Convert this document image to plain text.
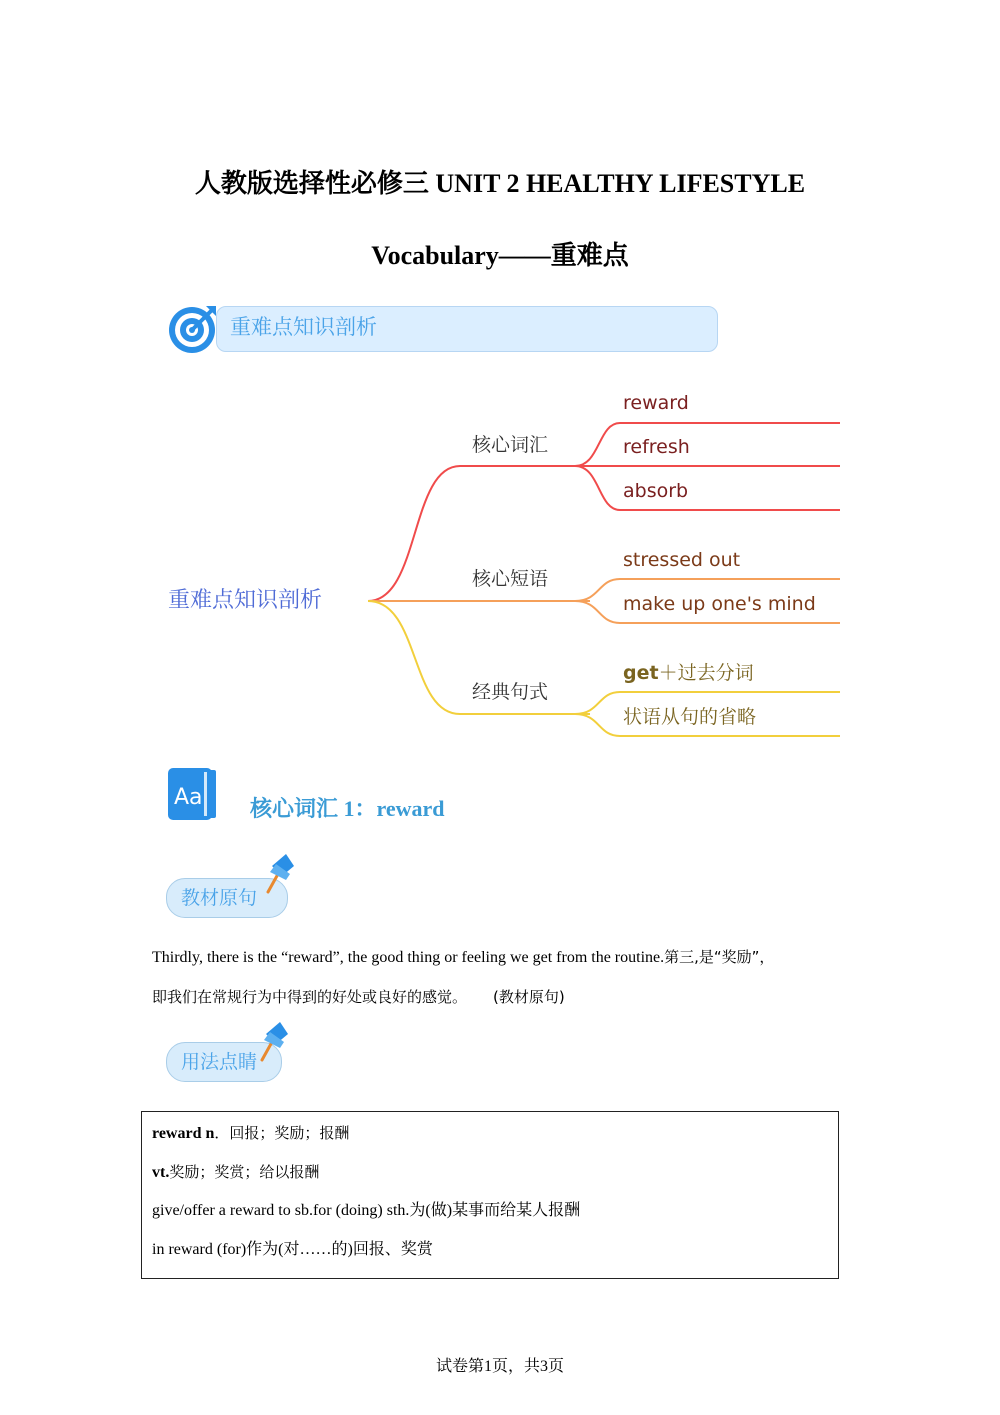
人教版选择性必修三 UNIT 2 HEALTHY LIFESTYLE
Vocabulary——重难点
重难点知识剖析
重难点知识剖析
核心词汇
核心短语
经典句式
reward
refresh
absorb
stressed out
make up one's mind
get＋过去分词
状语从句的省略
Aa 核心词汇 1：reward
教材原句
Thirdly, there is the “reward”, the good thing or feeling we get from the routine.第三,是“奖励”，
即我们在常规行为中得到的好处或良好的感觉。 (教材原句)
用法点睛
reward n．回报；奖励；报酬
vt.奖励；奖赏；给以报酬
give/offer a reward to sb.for (doing) sth.为(做)某事而给某人报酬
in reward (for)作为(对……的)回报、奖赏
试卷第1页，共3页
